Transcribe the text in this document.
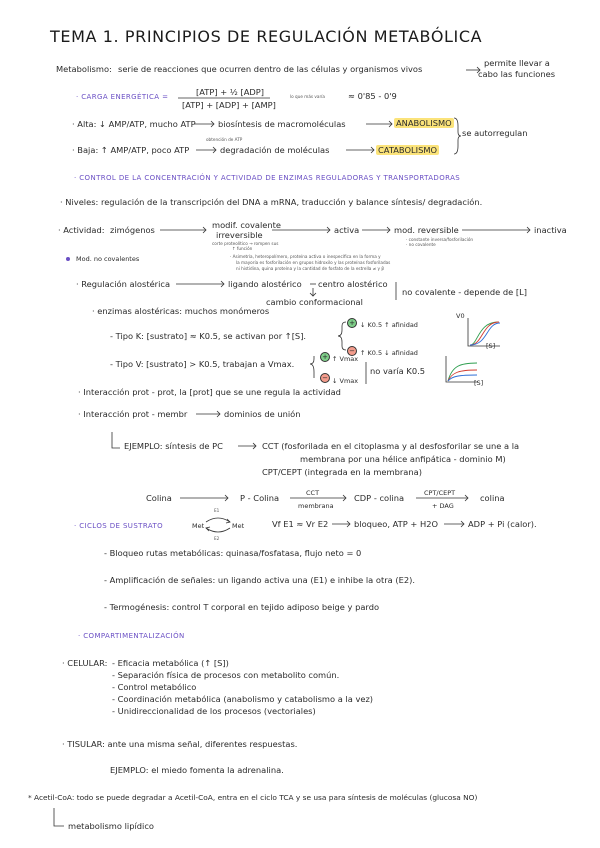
TEMA 1. PRINCIPIOS DE REGULACIÓN METABÓLICA
Metabolismo: serie de reacciones que ocurren dentro de las células y organismos vivos
permite llevar a
cabo las funciones
· CARGA ENERGÉTICA =	[ATP] + ½ [ADP]
[ATP] + [ADP] + [AMP]
lo que más varía	≈ 0'85 - 0'9
· Alta: ↓ AMP/ATP, mucho ATP	biosíntesis de macromoléculas	ANABOLISMO
se autorregulan
· Baja: ↑ AMP/ATP, poco ATP
obtención de ATP
degradación de moléculas	CATABOLISMO
· CONTROL DE LA CONCENTRACIÓN Y ACTIVIDAD DE ENZIMAS REGULADORAS Y TRANSPORTADORAS
· Niveles: regulación de la transcripción del DNA a mRNA, traducción y balance síntesis/ degradación.
· Actividad: zimógenos	modif. covalente
irreversible
corte proteolítico → rompen sus
↑ función
activa	mod. reversible
· constante inversa/fosforilación
· no covalente
inactiva
Mod. no covalentes	· Asimetría, heteropolímero, proteína activa o inespecífica en la forma y
la mayoría es fosforilación en grupos hidroxilo y las proteínas fosforiladas
ni histidina, quina proteína y la cantidad de fosfato de la estrella ≠ γ β
· Regulación alostérica	ligando alostérico centro alostérico
cambio conformacional
no covalente - depende de [L]
· enzimas alostéricas: muchos monómeros
- Tipo K: [sustrato] ≈ K0.5, se activan por ↑[S].
+ ↓ K0.5 ↑ afinidad
− ↑ K0.5 ↓ afinidad
- Tipo V: [sustrato] > K0.5, trabajan a Vmax.
+ ↑ Vmax
− ↓ Vmax
no varía K0.5
V0
[S]
[S]
· Interacción prot - prot, la [prot] que se une regula la actividad
· Interacción prot - membr	dominios de unión
EJEMPLO: síntesis de PC	CCT (fosforilada en el citoplasma y al desfosforilar se une a la
membrana por una hélice anfipática - dominio M)
CPT/CEPT (integrada en la membrana)
Colina	P - Colina	CCT
membrana
CDP - colina	CPT/CEPT
+ DAG
colina
· CICLOS DE SUSTRATO	Met	Met
E1
E2
Vf E1 ≈ Vr E2	bloqueo, ATP + H2O	ADP + Pi (calor).
- Bloqueo rutas metabólicas: quinasa/fosfatasa, flujo neto = 0
- Amplificación de señales: un ligando activa una (E1) e inhibe la otra (E2).
- Termogénesis: control T corporal en tejido adiposo beige y pardo
· COMPARTIMENTALIZACIÓN
· CELULAR: - Eficacia metabólica (↑ [S])
- Separación física de procesos con metabolito común.
- Control metabólico
- Coordinación metabólica (anabolismo y catabolismo a la vez)
- Unidireccionalidad de los procesos (vectoriales)
· TISULAR: ante una misma señal, diferentes respuestas.
EJEMPLO: el miedo fomenta la adrenalina.
* Acetil-CoA: todo se puede degradar a Acetil-CoA, entra en el ciclo TCA y se usa para síntesis de moléculas (glucosa NO)
metabolismo lipídico
